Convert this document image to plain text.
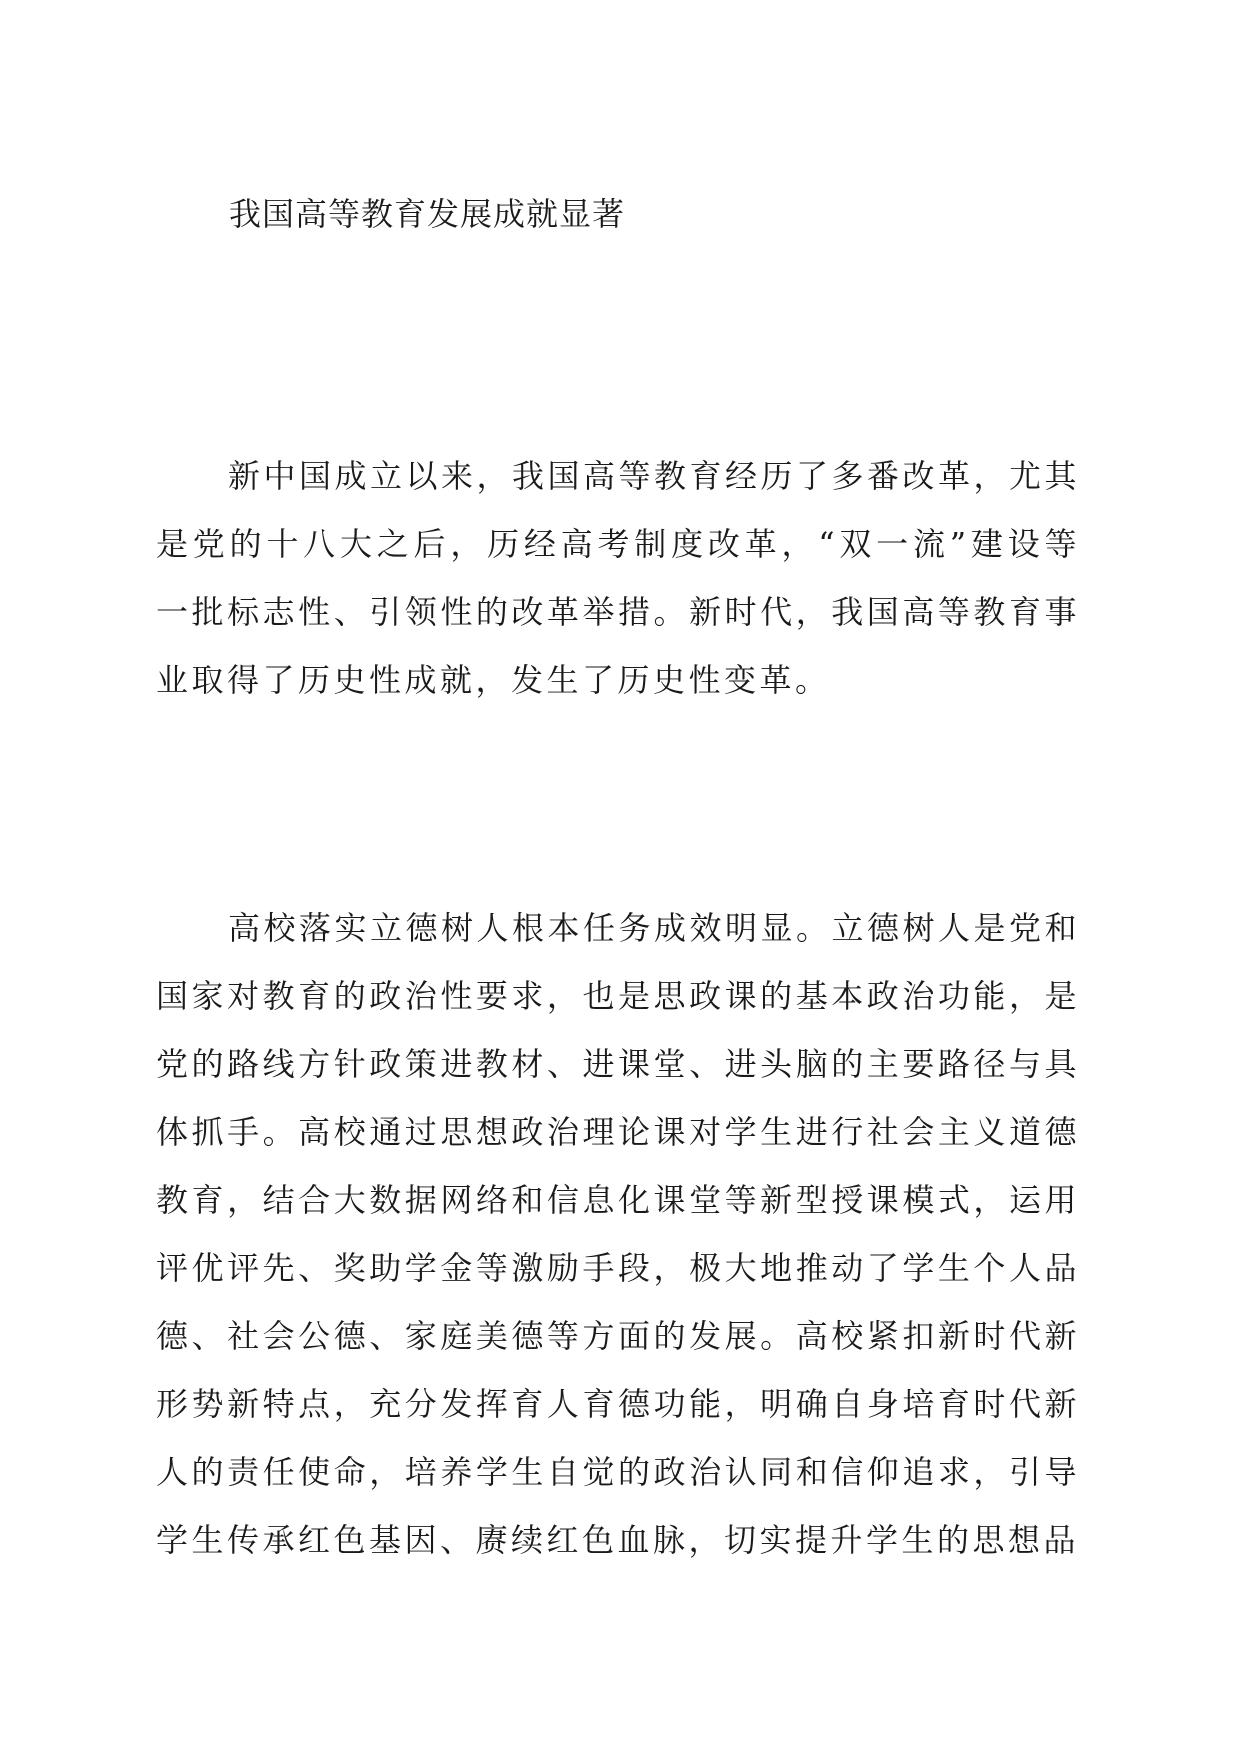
我国高等教育发展成就显著

新中国成立以来，我国高等教育经历了多番改革，尤其是党的十八大之后，历经高考制度改革，“双一流”建设等一批标志性、引领性的改革举措。新时代，我国高等教育事业取得了历史性成就，发生了历史性变革。

高校落实立德树人根本任务成效明显。立德树人是党和国家对教育的政治性要求，也是思政课的基本政治功能，是党的路线方针政策进教材、进课堂、进头脑的主要路径与具体抓手。高校通过思想政治理论课对学生进行社会主义道德教育，结合大数据网络和信息化课堂等新型授课模式，运用评优评先、奖助学金等激励手段，极大地推动了学生个人品德、社会公德、家庭美德等方面的发展。高校紧扣新时代新形势新特点，充分发挥育人育德功能，明确自身培育时代新人的责任使命，培养学生自觉的政治认同和信仰追求，引导学生传承红色基因、赓续红色血脉，切实提升学生的思想品
